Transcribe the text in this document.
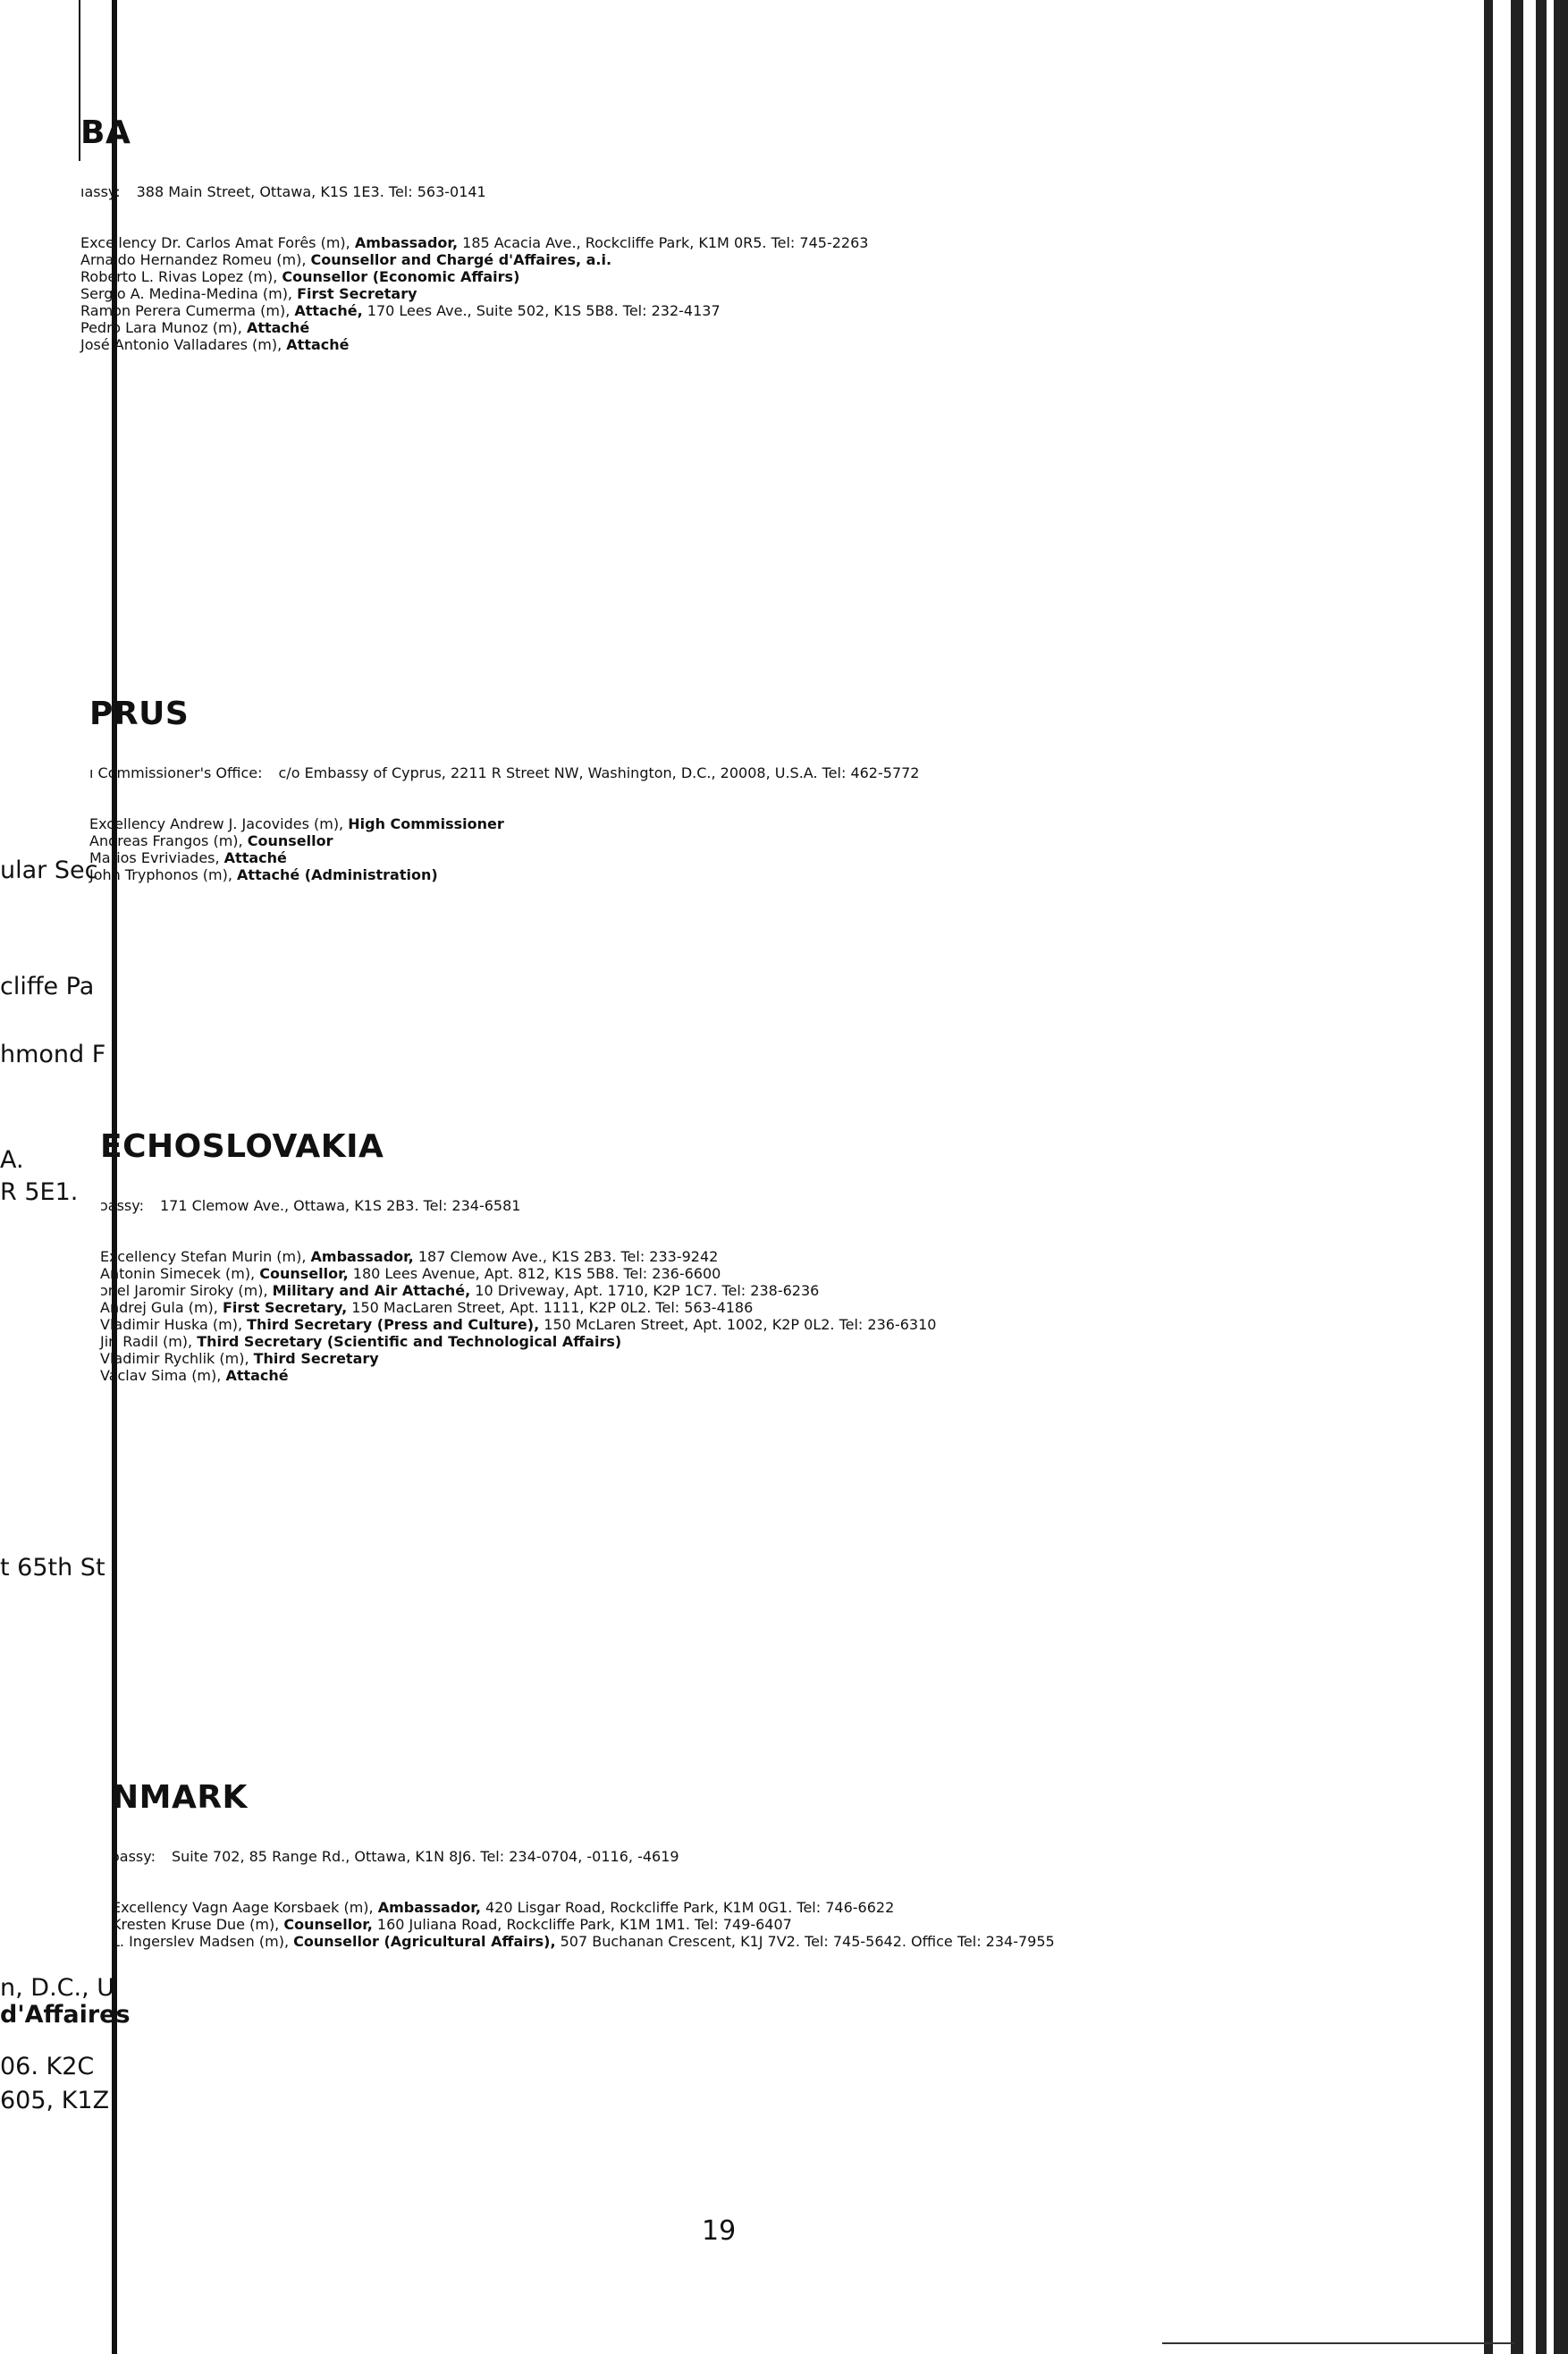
ular Sec
cliffe Pa
hmond F
A.
R 5E1.
t 65th St
n, D.C., U
d'Affaires
06. K2C
605, K1Z
BA
ıassy:	388 Main Street, Ottawa, K1S 1E3. Tel: 563-0141

Excellency Dr. Carlos Amat Forês (m), Ambassador, 185 Acacia Ave., Rockcliffe Park, K1M 0R5. Tel: 745-2263

Arnaldo Hernandez Romeu (m), Counsellor and Chargé d'Affaires, a.i.

Roberto L. Rivas Lopez (m), Counsellor (Economic Affairs)

Sergio A. Medina-Medina (m), First Secretary

Ramon Perera Cumerma (m), Attaché, 170 Lees Ave., Suite 502, K1S 5B8. Tel: 232-4137

Pedro Lara Munoz (m), Attaché

José Antonio Valladares (m), Attaché

PRUS
ı Commissioner's Office:	c/o Embassy of Cyprus, 2211 R Street NW, Washington, D.C., 20008, U.S.A. Tel: 462-5772

Excellency Andrew J. Jacovides (m), High Commissioner

Andreas Frangos (m), Counsellor

Marios Evriviades, Attaché

John Tryphonos (m), Attaché (Administration)

ECHOSLOVAKIA
ɔassy:	171 Clemow Ave., Ottawa, K1S 2B3. Tel: 234-6581

Excellency Stefan Murin (m), Ambassador, 187 Clemow Ave., K1S 2B3. Tel: 233-9242

Antonin Simecek (m), Counsellor, 180 Lees Avenue, Apt. 812, K1S 5B8. Tel: 236-6600

ɔnel Jaromir Siroky (m), Military and Air Attaché, 10 Driveway, Apt. 1710, K2P 1C7. Tel: 238-6236

Andrej Gula (m), First Secretary, 150 MacLaren Street, Apt. 1111, K2P 0L2. Tel: 563-4186

Vladimir Huska (m), Third Secretary (Press and Culture), 150 McLaren Street, Apt. 1002, K2P 0L2. Tel: 236-6310

Jiri Radil (m), Third Secretary (Scientific and Technological Affairs)

Vladimir Rychlik (m), Third Secretary

Vaclav Sima (m), Attaché

NMARK
ɔassy:	Suite 702, 85 Range Rd., Ottawa, K1N 8J6. Tel: 234-0704, -0116, -4619

Excellency Vagn Aage Korsbaek (m), Ambassador, 420 Lisgar Road, Rockcliffe Park, K1M 0G1. Tel: 746-6622

Kresten Kruse Due (m), Counsellor, 160 Juliana Road, Rockcliffe Park, K1M 1M1. Tel: 749-6407

L. Ingerslev Madsen (m), Counsellor (Agricultural Affairs), 507 Buchanan Crescent, K1J 7V2. Tel: 745-5642. Office Tel: 234-7955

19
